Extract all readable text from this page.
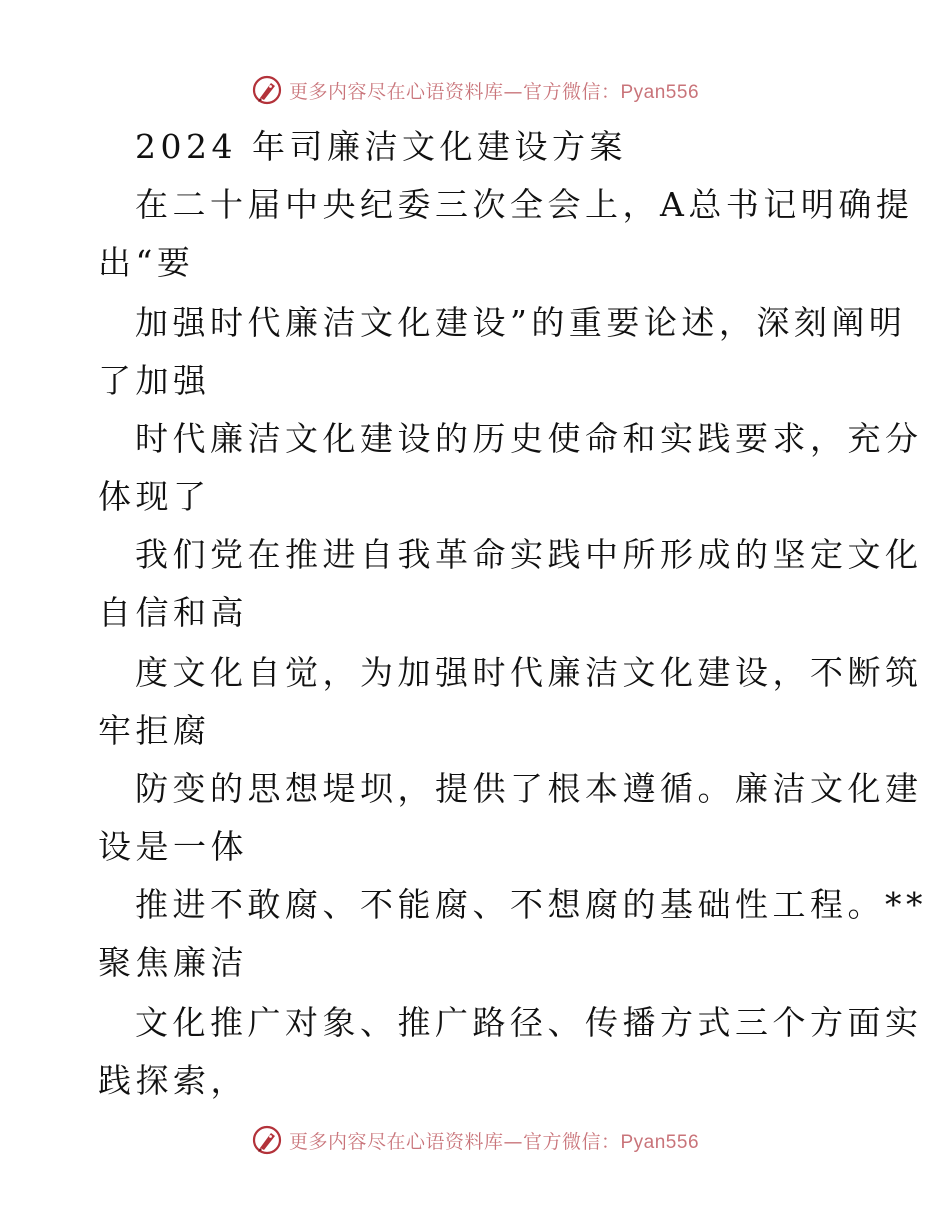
更多内容尽在心语资料库—官方微信：Pyan556
2024 年司廉洁文化建设方案
在二十届中央纪委三次全会上，A总书记明确提
出“要
加强时代廉洁文化建设”的重要论述，深刻阐明
了加强
时代廉洁文化建设的历史使命和实践要求，充分
体现了
我们党在推进自我革命实践中所形成的坚定文化
自信和高
度文化自觉，为加强时代廉洁文化建设，不断筑
牢拒腐
防变的思想堤坝，提供了根本遵循。廉洁文化建
设是一体
推进不敢腐、不能腐、不想腐的基础性工程。**
聚焦廉洁
文化推广对象、推广路径、传播方式三个方面实
践探索，
更多内容尽在心语资料库—官方微信：Pyan556
